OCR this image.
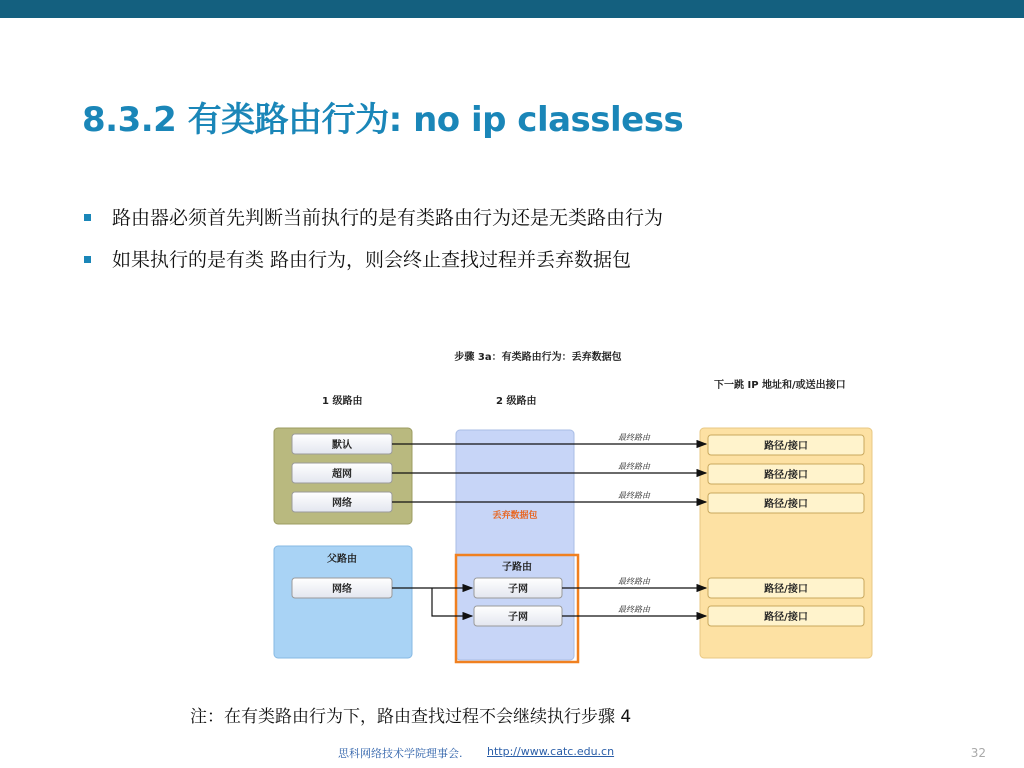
8.3.2 有类路由行为: no ip classless
路由器必须首先判断当前执行的是有类路由行为还是无类路由行为
如果执行的是有类 路由行为，则会终止查找过程并丢弃数据包
步骤 3a：有类路由行为：丢弃数据包
1 级路由	2 级路由
下一跳 IP 地址和/或送出接口
默认
超网
网络
丢弃数据包
父路由
网络
子路由
子网
子网
路径/接口
路径/接口
路径/接口
路径/接口
路径/接口
最终路由
最终路由
最终路由
最终路由
最终路由
注：在有类路由行为下，路由查找过程不会继续执行步骤 4
思科网络技术学院理事会. http://www.catc.edu.cn	32
